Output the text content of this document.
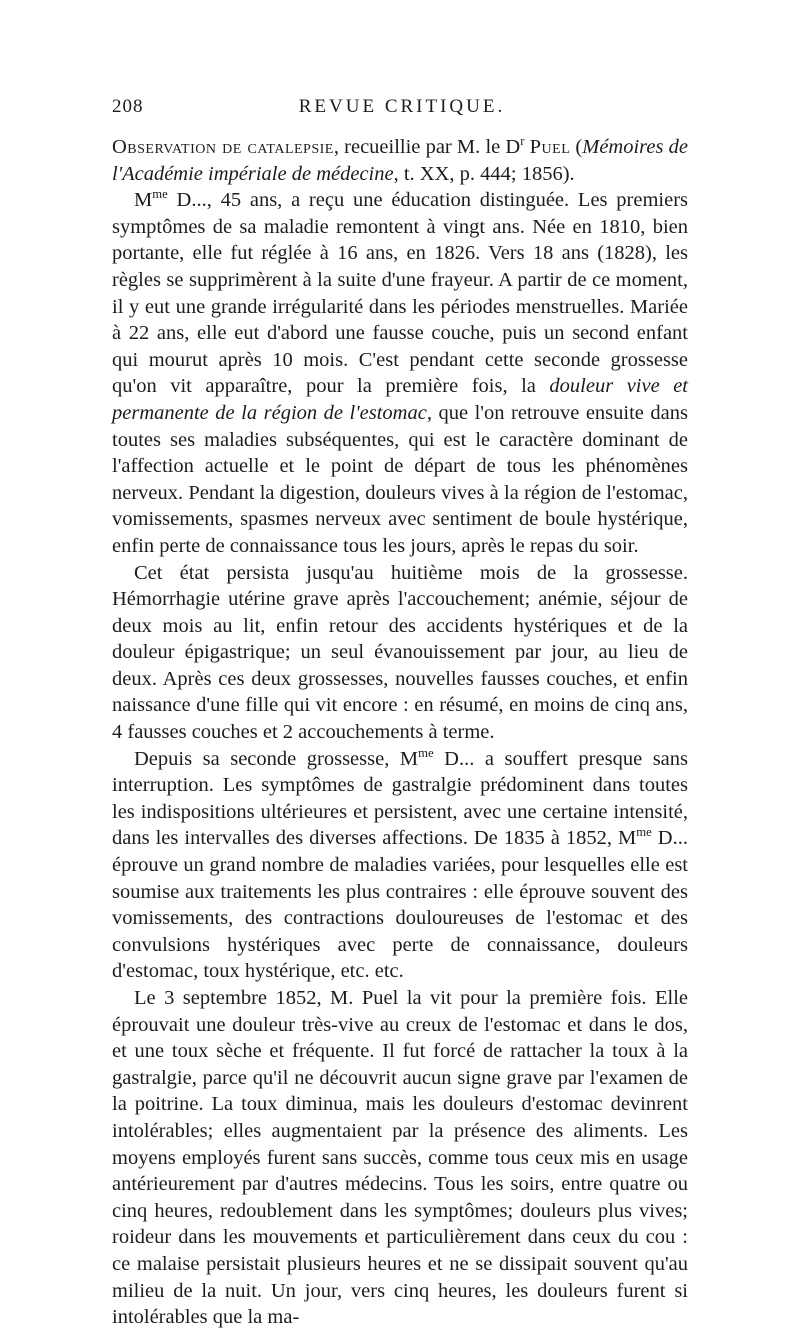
208	REVUE CRITIQUE.

Observation de catalepsie, recueillie par M. le $D^r$ Puel (Mémoires de l'Académie impériale de médecine, t. XX, p. 444; 1856).

$M^{me}$ D..., 45 ans, a reçu une éducation distinguée. Les premiers symptômes de sa maladie remontent à vingt ans. Née en 1810, bien portante, elle fut réglée à 16 ans, en 1826. Vers 18 ans (1828), les règles se supprimèrent à la suite d'une frayeur. A partir de ce moment, il y eut une grande irrégularité dans les périodes menstruelles. Mariée à 22 ans, elle eut d'abord une fausse couche, puis un second enfant qui mourut après 10 mois. C'est pendant cette seconde grossesse qu'on vit apparaître, pour la première fois, la douleur vive et permanente de la région de l'estomac, que l'on retrouve ensuite dans toutes ses maladies subséquentes, qui est le caractère dominant de l'affection actuelle et le point de départ de tous les phénomènes nerveux. Pendant la digestion, douleurs vives à la région de l'estomac, vomissements, spasmes nerveux avec sentiment de boule hystérique, enfin perte de connaissance tous les jours, après le repas du soir.

Cet état persista jusqu'au huitième mois de la grossesse. Hémorrhagie utérine grave après l'accouchement; anémie, séjour de deux mois au lit, enfin retour des accidents hystériques et de la douleur épigastrique; un seul évanouissement par jour, au lieu de deux. Après ces deux grossesses, nouvelles fausses couches, et enfin naissance d'une fille qui vit encore : en résumé, en moins de cinq ans, 4 fausses couches et 2 accouchements à terme.

Depuis sa seconde grossesse, $M^{me}$ D... a souffert presque sans interruption. Les symptômes de gastralgie prédominent dans toutes les indispositions ultérieures et persistent, avec une certaine intensité, dans les intervalles des diverses affections. De 1835 à 1852, $M^{me}$ D... éprouve un grand nombre de maladies variées, pour lesquelles elle est soumise aux traitements les plus contraires : elle éprouve souvent des vomissements, des contractions douloureuses de l'estomac et des convulsions hystériques avec perte de connaissance, douleurs d'estomac, toux hystérique, etc. etc.

Le 3 septembre 1852, M. Puel la vit pour la première fois. Elle éprouvait une douleur très-vive au creux de l'estomac et dans le dos, et une toux sèche et fréquente. Il fut forcé de rattacher la toux à la gastralgie, parce qu'il ne découvrit aucun signe grave par l'examen de la poitrine. La toux diminua, mais les douleurs d'estomac devinrent intolérables; elles augmentaient par la présence des aliments. Les moyens employés furent sans succès, comme tous ceux mis en usage antérieurement par d'autres médecins. Tous les soirs, entre quatre ou cinq heures, redoublement dans les symptômes; douleurs plus vives; roideur dans les mouvements et particulièrement dans ceux du cou : ce malaise persistait plusieurs heures et ne se dissipait souvent qu'au milieu de la nuit. Un jour, vers cinq heures, les douleurs furent si intolérables que la ma-
